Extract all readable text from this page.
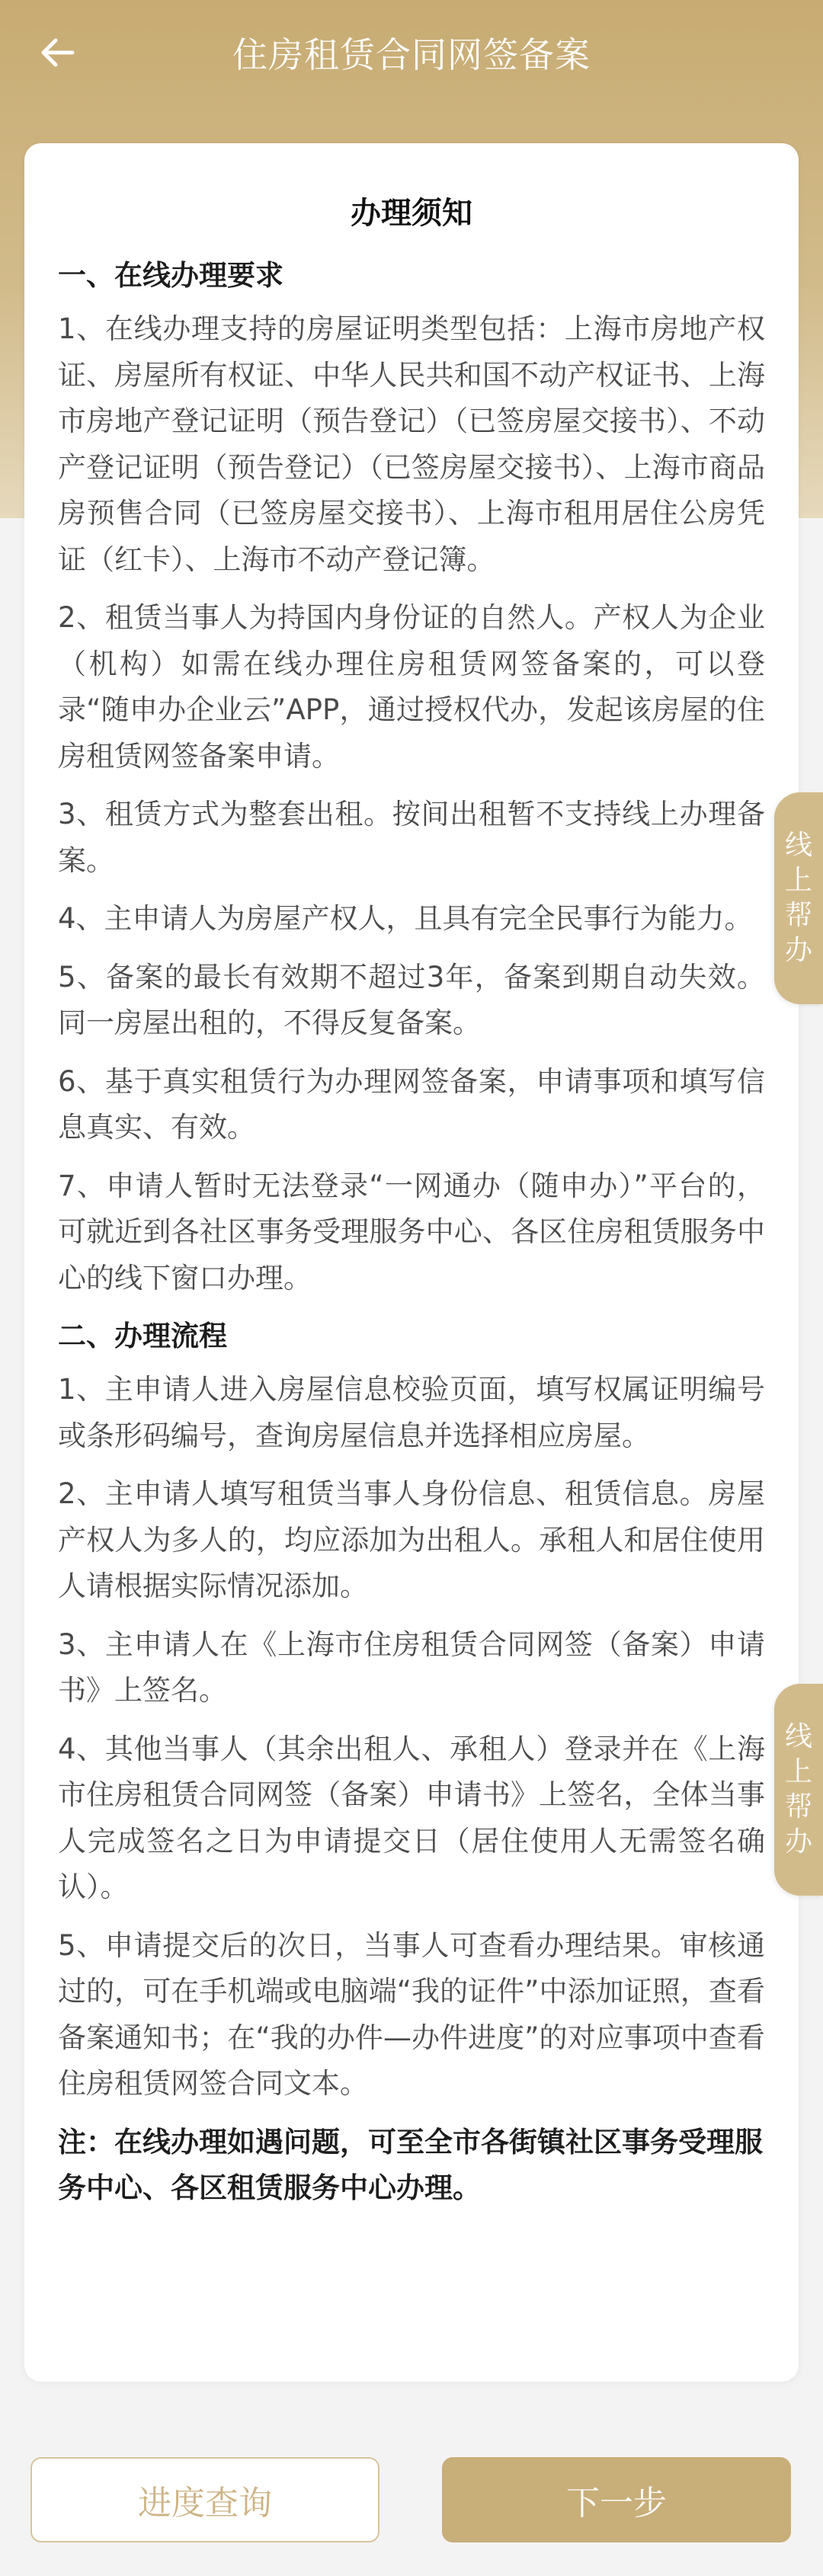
住房租赁合同网签备案
办理须知
一、在线办理要求

1、在线办理支持的房屋证明类型包括：上海市房地产权证、房屋所有权证、中华人民共和国不动产权证书、上海市房地产登记证明（预告登记）（已签房屋交接书）、不动产登记证明（预告登记）（已签房屋交接书）、上海市商品房预售合同（已签房屋交接书）、上海市租用居住公房凭证（红卡）、上海市不动产登记簿。

2、租赁当事人为持国内身份证的自然人。产权人为企业（机构）如需在线办理住房租赁网签备案的，可以登录“随申办企业云”APP，通过授权代办，发起该房屋的住房租赁网签备案申请。

3、租赁方式为整套出租。按间出租暂不支持线上办理备案。

4、主申请人为房屋产权人，且具有完全民事行为能力。

5、备案的最长有效期不超过3年，备案到期自动失效。同一房屋出租的，不得反复备案。

6、基于真实租赁行为办理网签备案，申请事项和填写信息真实、有效。

7、申请人暂时无法登录“一网通办（随申办）”平台的，可就近到各社区事务受理服务中心、各区住房租赁服务中心的线下窗口办理。

二、办理流程

1、主申请人进入房屋信息校验页面，填写权属证明编号或条形码编号，查询房屋信息并选择相应房屋。

2、主申请人填写租赁当事人身份信息、租赁信息。房屋产权人为多人的，均应添加为出租人。承租人和居住使用人请根据实际情况添加。

3、主申请人在《上海市住房租赁合同网签（备案）申请书》上签名。

4、其他当事人（其余出租人、承租人）登录并在《上海市住房租赁合同网签（备案）申请书》上签名，全体当事人完成签名之日为申请提交日（居住使用人无需签名确认）。

5、申请提交后的次日，当事人可查看办理结果。审核通过的，可在手机端或电脑端“我的证件”中添加证照，查看备案通知书；在“我的办件—办件进度”的对应事项中查看住房租赁网签合同文本。

注：在线办理如遇问题，可至全市各街镇社区事务受理服务中心、各区租赁服务中心办理。

线
上
帮
办
线
上
帮
办
进度查询	下一步
